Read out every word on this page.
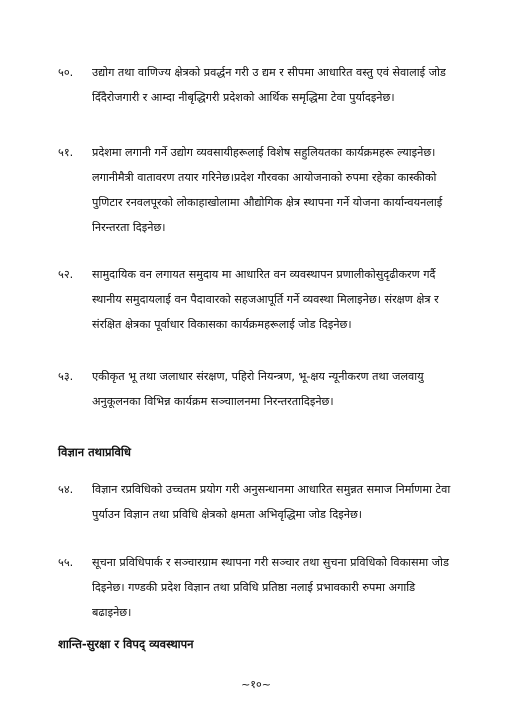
५०.	उद्योग तथा वाणिज्य क्षेत्रको प्रवर्द्धन गरी उ द्यम र सीपमा आधारित वस्तु एवं सेवालाई जोड दिँदैरोजगारी र आम्दा नीबृद्धिगरी प्रदेशको आर्थिक समृद्धिमा टेवा पुर्यादइनेछ।
५१.	प्रदेशमा लगानी गर्ने उद्योग व्यवसायीहरूलाई विशेष सहुलियतका कार्यक्रमहरू ल्याइनेछ। लगानीमैत्री वातावरण तयार गरिनेछ।प्रदेश गौरवका आयोजनाको रुपमा रहेका कास्कीको पुणिटार रनवलपूरको लोकाहाखोलामा औद्योगिक क्षेत्र स्थापना गर्ने योजना कार्यान्वयनलाई निरन्तरता दिइनेछ।
५२.	सामुदायिक वन लगायत समुदाय मा आधारित वन व्यवस्थापन प्रणालीकोसुदृढीकरण गर्दै स्थानीय समुदायलाई वन पैदावारको सहजआपूर्ति गर्ने व्यवस्था मिलाइनेछ। संरक्षण क्षेत्र र संरक्षित क्षेत्रका पूर्वाधार विकासका कार्यक्रमहरूलाई जोड दिइनेछ।
५३.	एकीकृत भू तथा जलाधार संरक्षण, पहिरो नियन्त्रण, भू-क्षय न्यूनीकरण तथा जलवायु अनुकूलनका विभिन्न कार्यक्रम सञ्चाालनमा निरन्तरतादिइनेछ।
विज्ञान तथाप्रविधि
५४.	विज्ञान रप्रविधिको उच्चतम प्रयोग गरी अनुसन्धानमा आधारित समुन्नत समाज निर्माणमा टेवा पुर्याउन विज्ञान तथा प्रविधि क्षेत्रको क्षमता अभिवृद्धिमा जोड दिइनेछ।
५५.	सूचना प्रविधिपार्क र सञ्चारग्राम स्थापना गरी सञ्चार तथा सुचना प्रविधिको विकासमा जोड दिइनेछ। गण्डकी प्रदेश विज्ञान तथा प्रविधि प्रतिष्ठा नलाई प्रभावकारी रुपमा अगाडि बढाइनेछ।
शान्ति-सुरक्षा र विपद् व्यवस्थापन
~१०~
